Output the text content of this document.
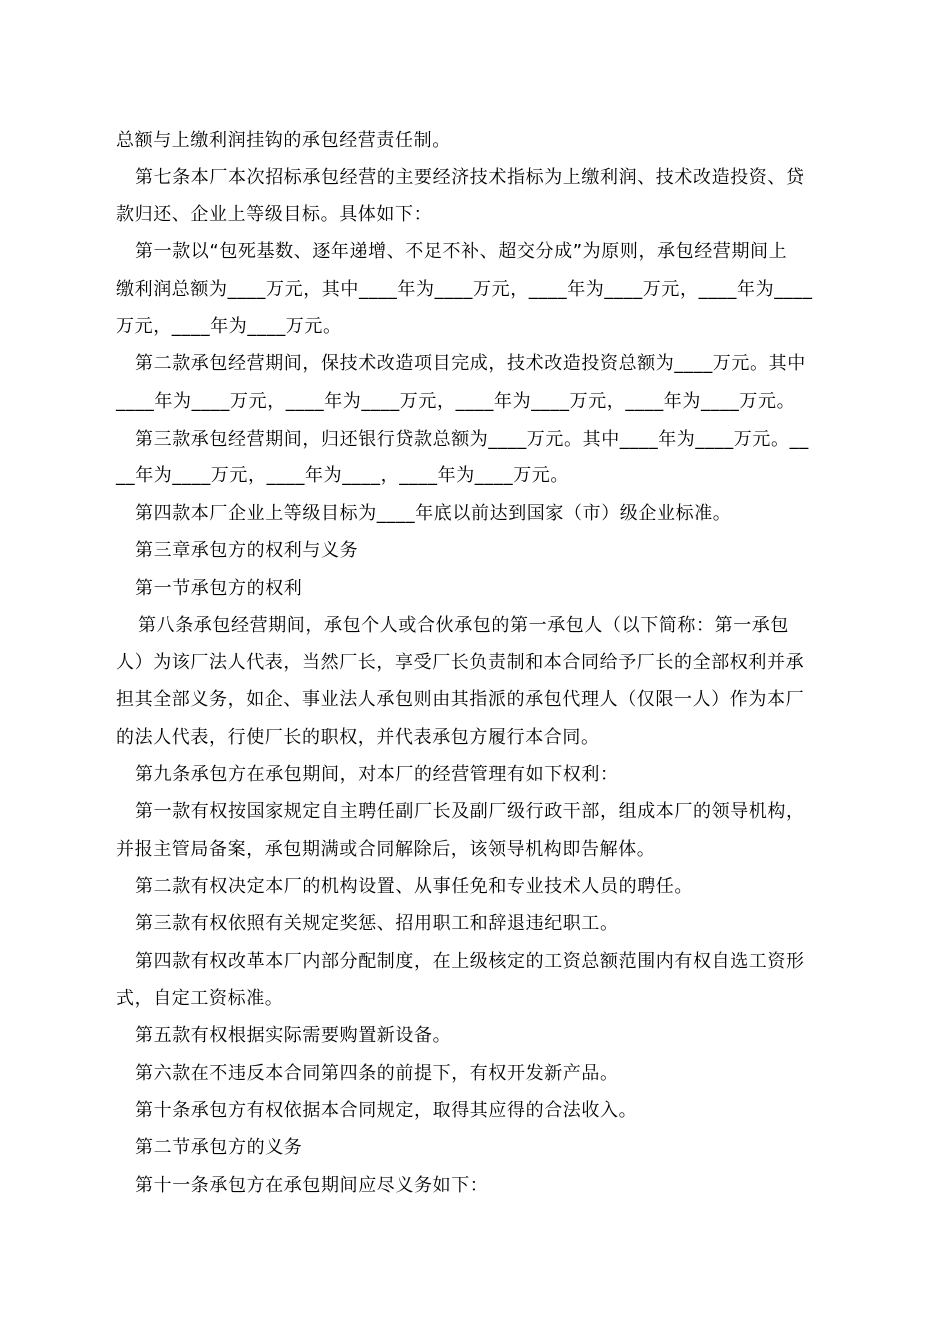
总额与上缴利润挂钩的承包经营责任制。
第七条本厂本次招标承包经营的主要经济技术指标为上缴利润、技术改造投资、贷
款归还、企业上等级目标。具体如下：
第一款以“包死基数、逐年递增、不足不补、超交分成”为原则，承包经营期间上
缴利润总额为____万元，其中____年为____万元，____年为____万元，____年为____
万元，____年为____万元。
第二款承包经营期间，保技术改造项目完成，技术改造投资总额为____万元。其中
____年为____万元，____年为____万元，____年为____万元，____年为____万元。
第三款承包经营期间，归还银行贷款总额为____万元。其中____年为____万元。__
__年为____万元，____年为____，____年为____万元。
第四款本厂企业上等级目标为____年底以前达到国家（市）级企业标准。
第三章承包方的权利与义务
第一节承包方的权利
第八条承包经营期间，承包个人或合伙承包的第一承包人（以下简称：第一承包
人）为该厂法人代表，当然厂长，享受厂长负责制和本合同给予厂长的全部权利并承
担其全部义务，如企、事业法人承包则由其指派的承包代理人（仅限一人）作为本厂
的法人代表，行使厂长的职权，并代表承包方履行本合同。
第九条承包方在承包期间，对本厂的经营管理有如下权利：
第一款有权按国家规定自主聘任副厂长及副厂级行政干部，组成本厂的领导机构，
并报主管局备案，承包期满或合同解除后，该领导机构即告解体。
第二款有权决定本厂的机构设置、从事任免和专业技术人员的聘任。
第三款有权依照有关规定奖惩、招用职工和辞退违纪职工。
第四款有权改革本厂内部分配制度，在上级核定的工资总额范围内有权自选工资形
式，自定工资标准。
第五款有权根据实际需要购置新设备。
第六款在不违反本合同第四条的前提下，有权开发新产品。
第十条承包方有权依据本合同规定，取得其应得的合法收入。
第二节承包方的义务
第十一条承包方在承包期间应尽义务如下：
